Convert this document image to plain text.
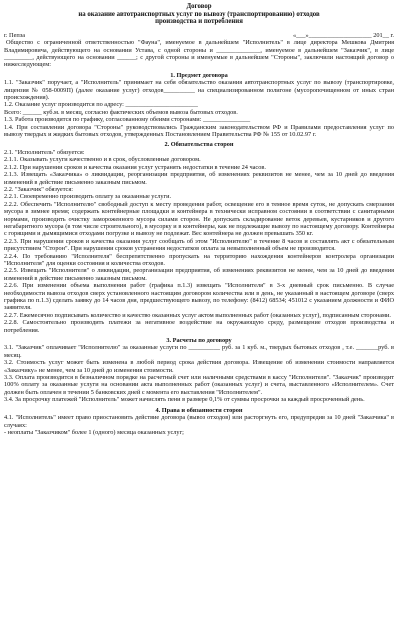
Договор

на оказание автотранспортных услуг по вывозу (транспортированию) отходов

производства и потребления

г. Пепза	«___»____________________ 201__ г.

Общество с ограниченной ответственностью "Фауна", именуемое в дальнейшем "Исполнитель" в лице директора Мешкова Дмитрия Владимировича, действующего на основании Устава, с одной стороны и ______________, именуемое в дальнейшем "Заказчик", в лице _________, действующего на основании ______; с другой стороны и именуемые в дальнейшем "Стороны", заключили настоящий договор о нижеследующем:

1. Предмет договора

1.1. "Заказчик" поручает, а "Исполнитель" принимает на себя обязательство оказания автотранспортных услуг по вывозу (транспортировке, лицензия № 058-0009П) (далее оказание услуг) отходов__________ на специализированном полигоне (мусоропочищенном от иных стран происхождения).

1.2. Оказание услуг производится по адресу: _______________________

Всего: ______ куб.м. в месяц, согласно фактических объемов вывоза бытовых отходов.

1.3. Работа производится по графику, согласованному обеими сторонами: _______________

1.4. При составлении договора "Стороны" руководствовались Гражданским законодательством РФ и Правилами предоставления услуг по вывозу твердых и жидких бытовых отходов, утвержденных Постановлением Правительства РФ № 155 от 10.02.97 г.

2. Обязательства сторон

2.1. "Исполнитель" обязуется:

2.1.1. Оказывать услуги качественно и в срок, обусловленные договором.

2.1.2. При нарушении сроков и качества оказания услуг устранять недостатки в течение 24 часов.

2.1.3. Извещать «Заказчика» о ликвидации, реорганизации предприятия, об изменениях реквизитов не менее, чем за 10 дней до введения изменений в действие письменно заказным письмом.

2.2. "Заказчик" обязуется:

2.2.1. Своевременно производить оплату за оказанные услуги.

2.2.2. Обеспечить "Исполнителю" свободный доступ к месту проведения работ, освещение его в темное время суток, не допускать смерзания мусора в зимнее время; содержать контейнерные площадки и контейнера в технически исправном состоянии в соответствии с санитарными нормами, производить очистку замороженного мусора силами сторон. Не допускать складирование веток деревьев, кустарников и другого негабаритного мусора (в том числе строительного), в мусорку и в контейнеры, как не подлежащие вывозу по настоящему договору. Контейнеры с горящими и дымящимися отходами погрузке и вывозу не подлежат. Вес контейнера не должен превышать 350 кг.

2.2.3. При нарушении сроков и качества оказания услуг сообщать об этом "Исполнителю" в течение 8 часов и составлять акт с обязательным присутствием "Сторон". При нарушении сроков устранения недостатков оплата за невыполненный объем не производится.

2.2.4. По требованию "Исполнителя" беспрепятственно пропускать на территорию нахождения контейнеров контролера организации "Исполнителя" для оценки состояния и количества отходов.

2.2.5. Извещать "Исполнителя" о ликвидации, реорганизации предприятия, об изменениях реквизитов не менее, чем за 10 дней до введения изменений в действие письменно заказным письмом.

2.2.6. При изменении объема выполнения работ (графика п.1.3) извещать "Исполнителя" в 3-х дневный срок письменно. В случае необходимости вывоза отходов сверх установленного настоящим договором количества или в день, не указанный в настоящем договоре (сверх графика по п.1.3) сделать заявку до 14 часов дня, предшествующего вывозу, по телефону: (8412) 68534; 451012 с указанием должности и ФИО заявителя.

2.2.7. Ежемесячно подписывать количество и качество оказанных услуг актом выполненных работ (оказанных услуг), подписанным сторонами.

2.2.8. Самостоятельно производить платежи за негативное воздействие на окружающую среду, размещение отходов производства и потребления.

3. Расчеты по договору

3.1. "Заказчик" оплачивает "Исполнителю" за оказанные услуги по __________ руб. за 1 куб. м., твердых бытовых отходов , т.е. _______руб. в месяц.

3.2. Стоимость услуг может быть изменена в любой период срока действия договора. Извещение об изменении стоимости направляется «Заказчику» не менее, чем за 10 дней до изменения стоимости.

3.3. Оплата производится в безналичном порядке на расчетный счет или наличными средствами в кассу "Исполнителя". "Заказчик" производит 100% оплату за оказанные услуги на основании акта выполненных работ (оказанных услуг) и счета, выставленного «Исполнителем». Счет должен быть оплачен в течении 5 банковских дней с момента его выставления "Исполнителем".

3.4. За просрочку платежей "Исполнитель" может начислять пени в размере 0,1% от суммы просрочки за каждый просроченный день.

4. Права и обязанности сторон

4.1. "Исполнитель" имеет право приостановить действие договора (вывоз отходов) или расторгнуть его, предупредив за 10 дней "Заказчика" в случаях:

- неоплаты "Заказчиком" более 1 (одного) месяца оказанных услуг;
